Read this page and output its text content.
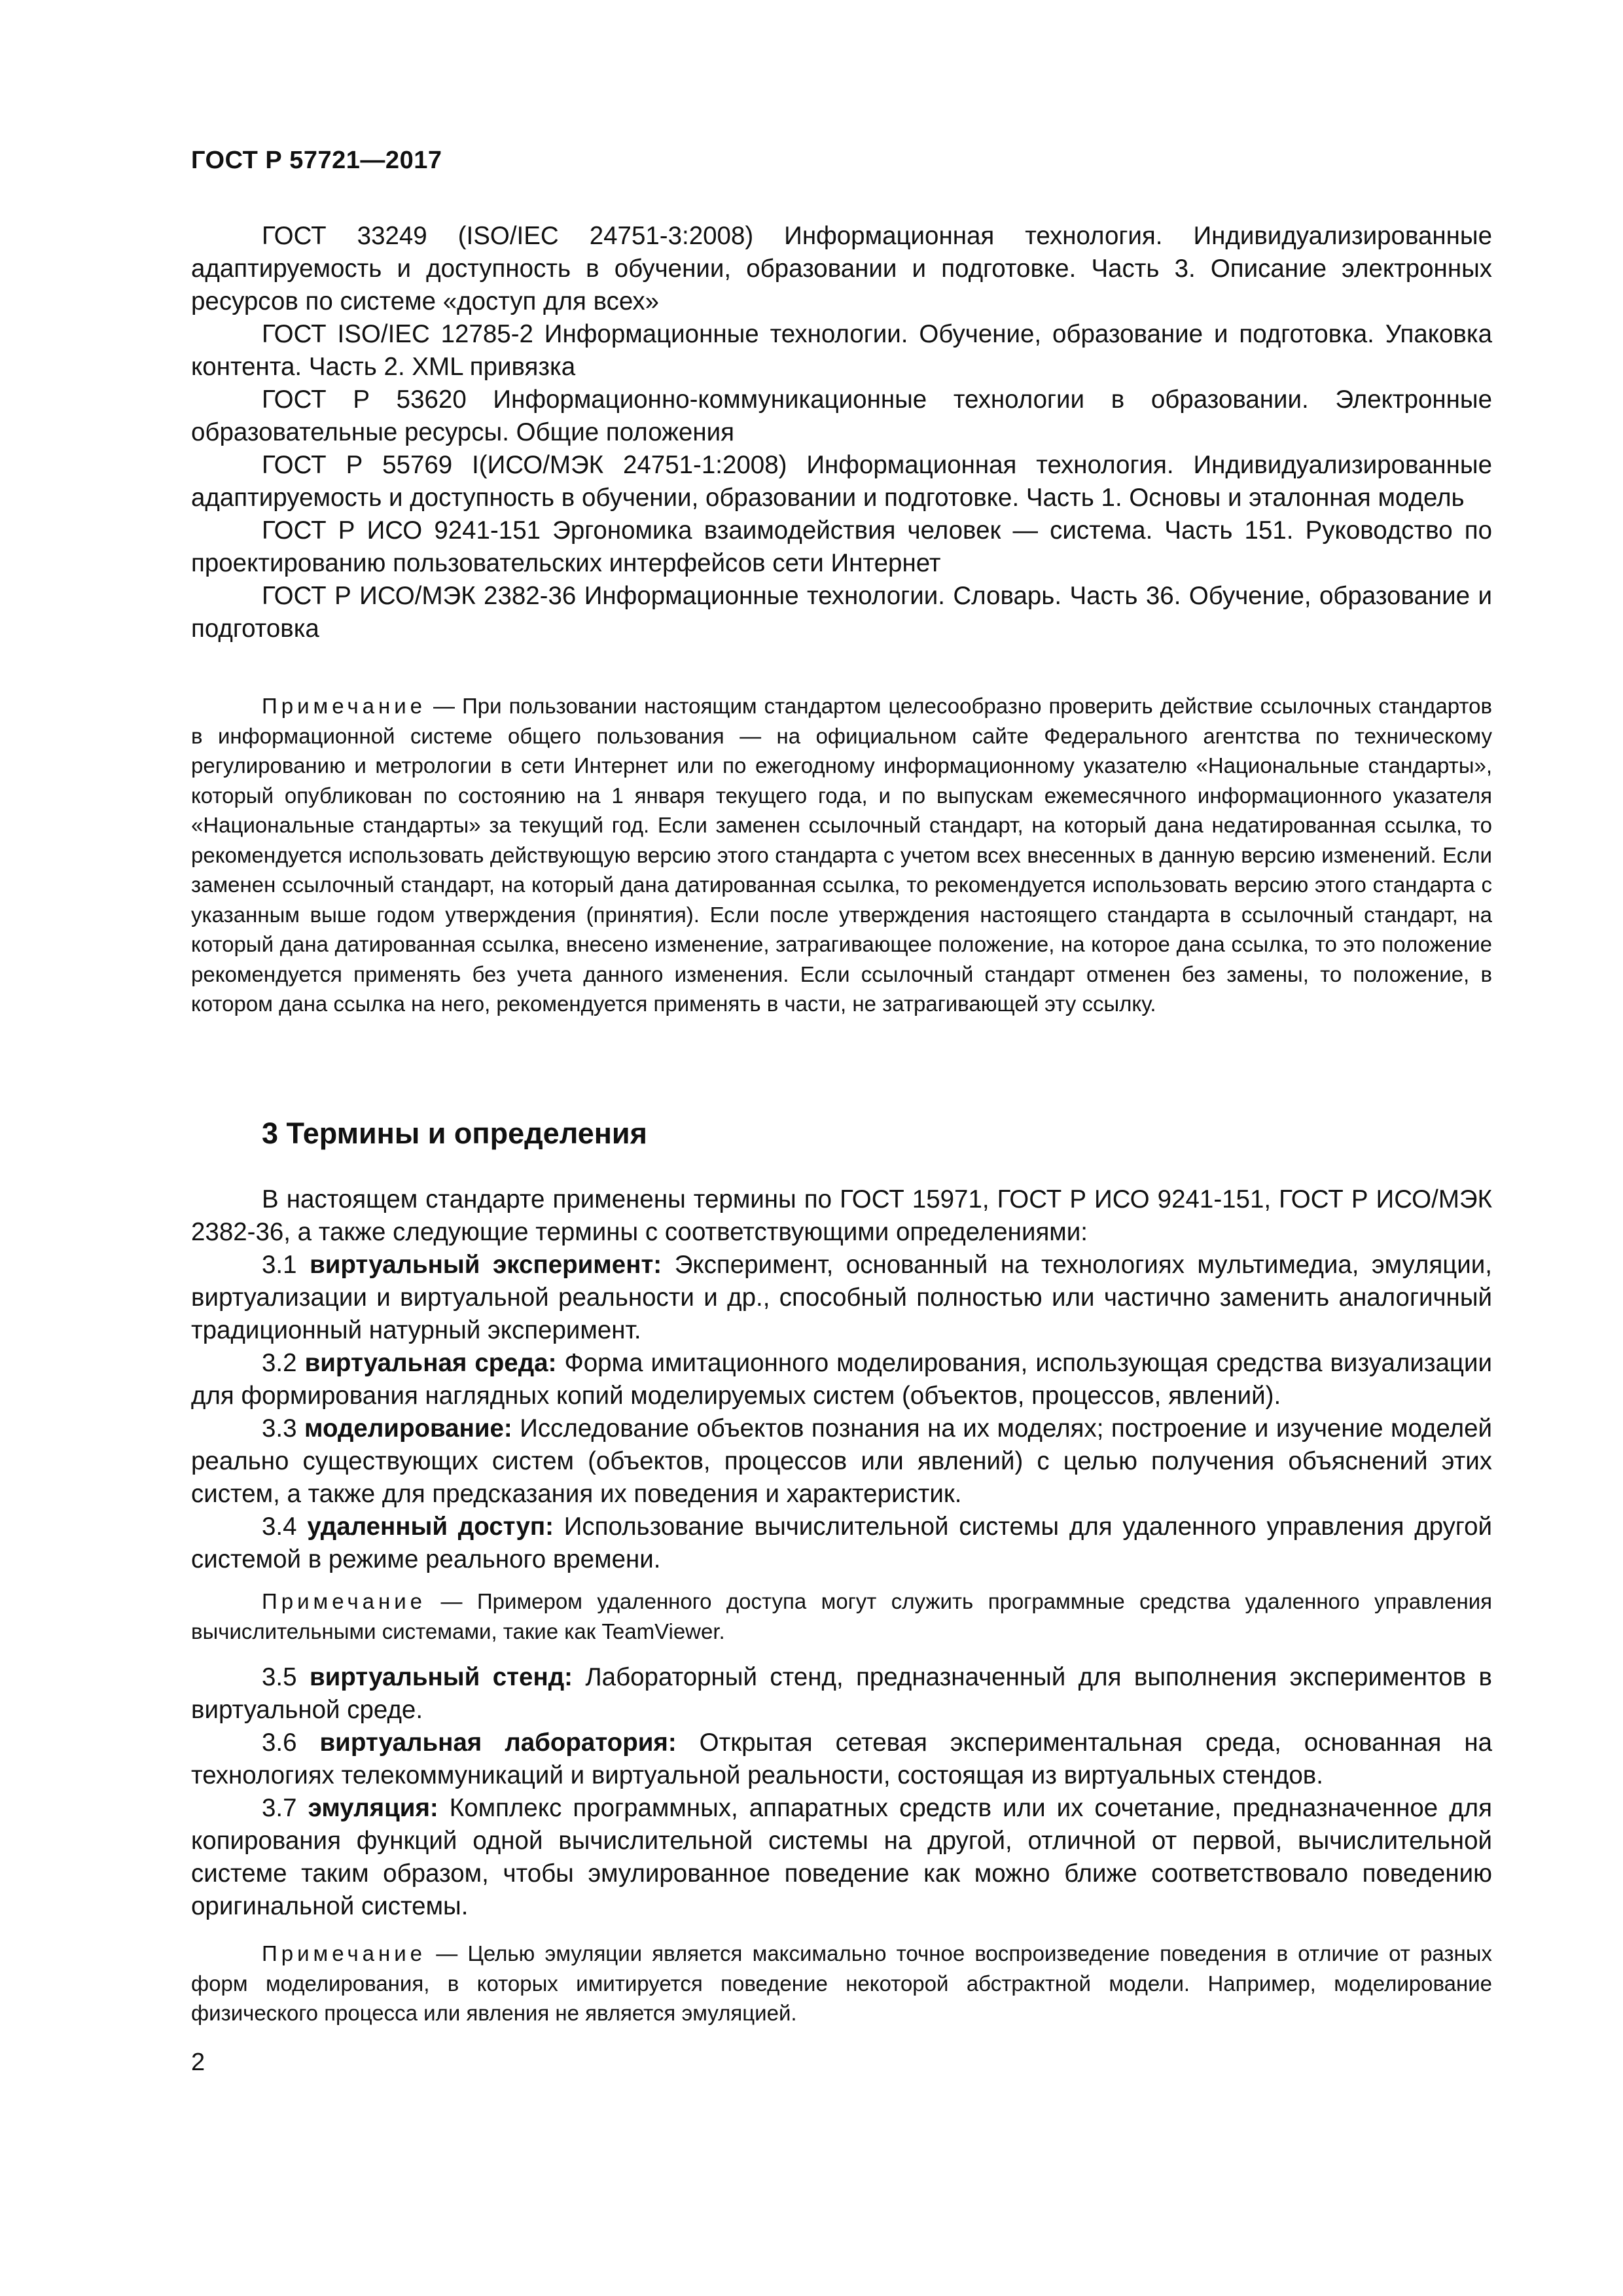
ГОСТ Р 57721—2017

ГОСТ 33249 (ISO/IEC 24751-3:2008) Информационная технология. Индивидуализированные адаптируемость и доступность в обучении, образовании и подготовке. Часть 3. Описание электронных ресурсов по системе «доступ для всех»

ГОСТ ISO/IEC 12785-2 Информационные технологии. Обучение, образование и подготовка. Упаковка контента. Часть 2. XML привязка

ГОСТ Р 53620 Информационно-коммуникационные технологии в образовании. Электронные образовательные ресурсы. Общие положения

ГОСТ Р 55769 I(ИСО/МЭК 24751-1:2008) Информационная технология. Индивидуализированные адаптируемость и доступность в обучении, образовании и подготовке. Часть 1. Основы и эталонная модель

ГОСТ Р ИСО 9241-151 Эргономика взаимодействия человек — система. Часть 151. Руководство по проектированию пользовательских интерфейсов сети Интернет

ГОСТ Р ИСО/МЭК 2382-36 Информационные технологии. Словарь. Часть 36. Обучение, образование и подготовка

Примечание — При пользовании настоящим стандартом целесообразно проверить действие ссылочных стандартов в информационной системе общего пользования — на официальном сайте Федерального агентства по техническому регулированию и метрологии в сети Интернет или по ежегодному информационному указателю «Национальные стандарты», который опубликован по состоянию на 1 января текущего года, и по выпускам ежемесячного информационного указателя «Национальные стандарты» за текущий год. Если заменен ссылочный стандарт, на который дана недатированная ссылка, то рекомендуется использовать действующую версию этого стандарта с учетом всех внесенных в данную версию изменений. Если заменен ссылочный стандарт, на который дана датированная ссылка, то рекомендуется использовать версию этого стандарта с указанным выше годом утверждения (принятия). Если после утверждения настоящего стандарта в ссылочный стандарт, на который дана датированная ссылка, внесено изменение, затрагивающее положение, на которое дана ссылка, то это положение рекомендуется применять без учета данного изменения. Если ссылочный стандарт отменен без замены, то положение, в котором дана ссылка на него, рекомендуется применять в части, не затрагивающей эту ссылку.

3 Термины и определения

В настоящем стандарте применены термины по ГОСТ 15971, ГОСТ Р ИСО 9241-151, ГОСТ Р ИСО/МЭК 2382-36, а также следующие термины с соответствующими определениями:

3.1 виртуальный эксперимент: Эксперимент, основанный на технологиях мультимедиа, эмуляции, виртуализации и виртуальной реальности и др., способный полностью или частично заменить аналогичный традиционный натурный эксперимент.

3.2 виртуальная среда: Форма имитационного моделирования, использующая средства визуализации для формирования наглядных копий моделируемых систем (объектов, процессов, явлений).

3.3 моделирование: Исследование объектов познания на их моделях; построение и изучение моделей реально существующих систем (объектов, процессов или явлений) с целью получения объяснений этих систем, а также для предсказания их поведения и характеристик.

3.4 удаленный доступ: Использование вычислительной системы для удаленного управления другой системой в режиме реального времени.

Примечание — Примером удаленного доступа могут служить программные средства удаленного управления вычислительными системами, такие как TeamViewer.

3.5 виртуальный стенд: Лабораторный стенд, предназначенный для выполнения экспериментов в виртуальной среде.

3.6 виртуальная лаборатория: Открытая сетевая экспериментальная среда, основанная на технологиях телекоммуникаций и виртуальной реальности, состоящая из виртуальных стендов.

3.7 эмуляция: Комплекс программных, аппаратных средств или их сочетание, предназначенное для копирования функций одной вычислительной системы на другой, отличной от первой, вычислительной системе таким образом, чтобы эмулированное поведение как можно ближе соответствовало поведению оригинальной системы.

Примечание — Целью эмуляции является максимально точное воспроизведение поведения в отличие от разных форм моделирования, в которых имитируется поведение некоторой абстрактной модели. Например, моделирование физического процесса или явления не является эмуляцией.

2
